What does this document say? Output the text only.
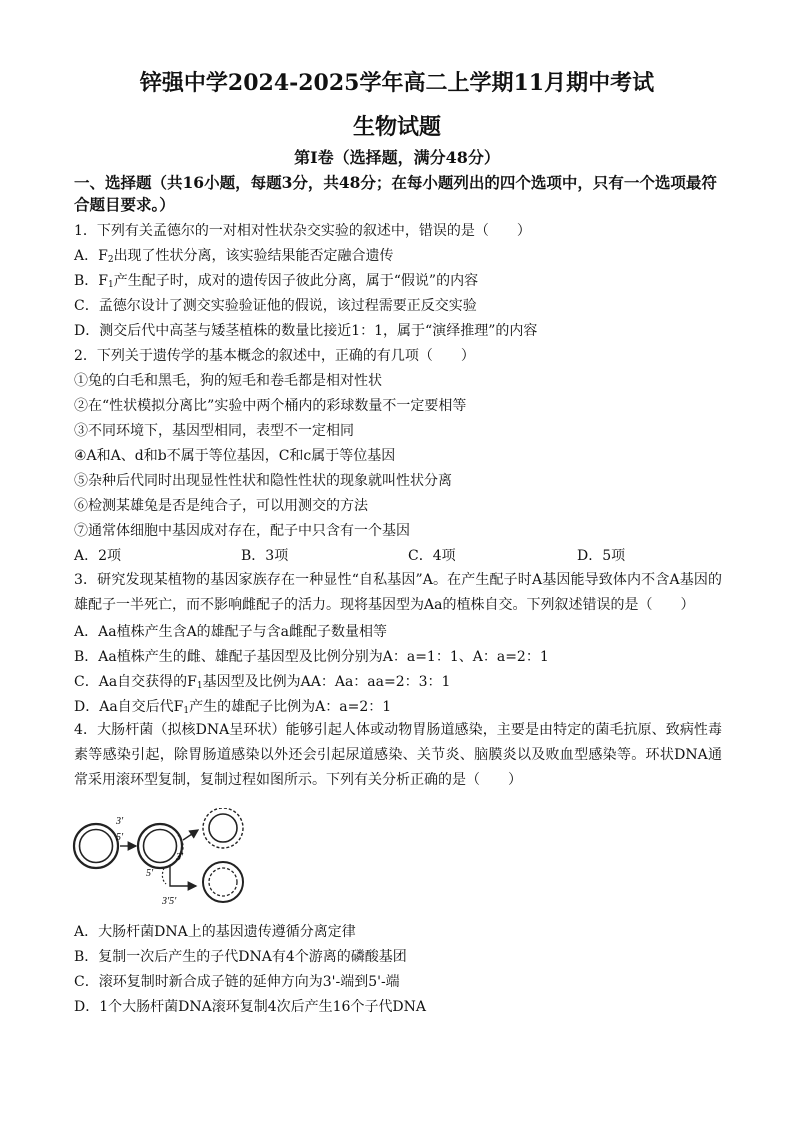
锌强中学2024-2025学年高二上学期11月期中考试
生物试题
第Ⅰ卷（选择题，满分48分）
一、选择题（共16小题，每题3分，共48分；在每小题列出的四个选项中，只有一个选项最符合题目要求。）
1．下列有关孟德尔的一对相对性状杂交实验的叙述中，错误的是（　　）
A．$F_2$出现了性状分离，该实验结果能否定融合遗传
B．$F_1$产生配子时，成对的遗传因子彼此分离，属于“假说”的内容
C．孟德尔设计了测交实验验证他的假说，该过程需要正反交实验
D．测交后代中高茎与矮茎植株的数量比接近1：1，属于“演绎推理”的内容
2．下列关于遗传学的基本概念的叙述中，正确的有几项（　　）
①兔的白毛和黑毛，狗的短毛和卷毛都是相对性状
②在“性状模拟分离比”实验中两个桶内的彩球数量不一定要相等
③不同环境下，基因型相同，表型不一定相同
④A和A、d和b不属于等位基因，C和c属于等位基因
⑤杂种后代同时出现显性性状和隐性性状的现象就叫性状分离
⑥检测某雄兔是否是纯合子，可以用测交的方法
⑦通常体细胞中基因成对存在，配子中只含有一个基因
A．2项	B．3项	C．4项	D．5项
3．研究发现某植物的基因家族存在一种显性“自私基因”A。在产生配子时A基因能导致体内不含A基因的雄配子一半死亡，而不影响雌配子的活力。现将基因型为Aa的植株自交。下列叙述错误的是（　　）
A．Aa植株产生含A的雄配子与含a雌配子数量相等
B．Aa植株产生的雌、雄配子基因型及比例分别为A：a=1：1、A：a=2：1
C．Aa自交获得的$F_1$基因型及比例为AA：Aa：aa=2：3：1
D．Aa自交后代$F_1$产生的雄配子比例为A：a=2：1
4．大肠杆菌（拟核DNA呈环状）能够引起人体或动物胃肠道感染，主要是由特定的菌毛抗原、致病性毒素等感染引起，除胃肠道感染以外还会引起尿道感染、关节炎、脑膜炎以及败血型感染等。环状DNA通常采用滚环型复制，复制过程如图所示。下列有关分析正确的是（　　）
3'
5'
3'
5'
3'5'
A．大肠杆菌DNA上的基因遗传遵循分离定律
B．复制一次后产生的子代DNA有4个游离的磷酸基团
C．滚环复制时新合成子链的延伸方向为3'-端到5'-端
D．1个大肠杆菌DNA滚环复制4次后产生16个子代DNA
